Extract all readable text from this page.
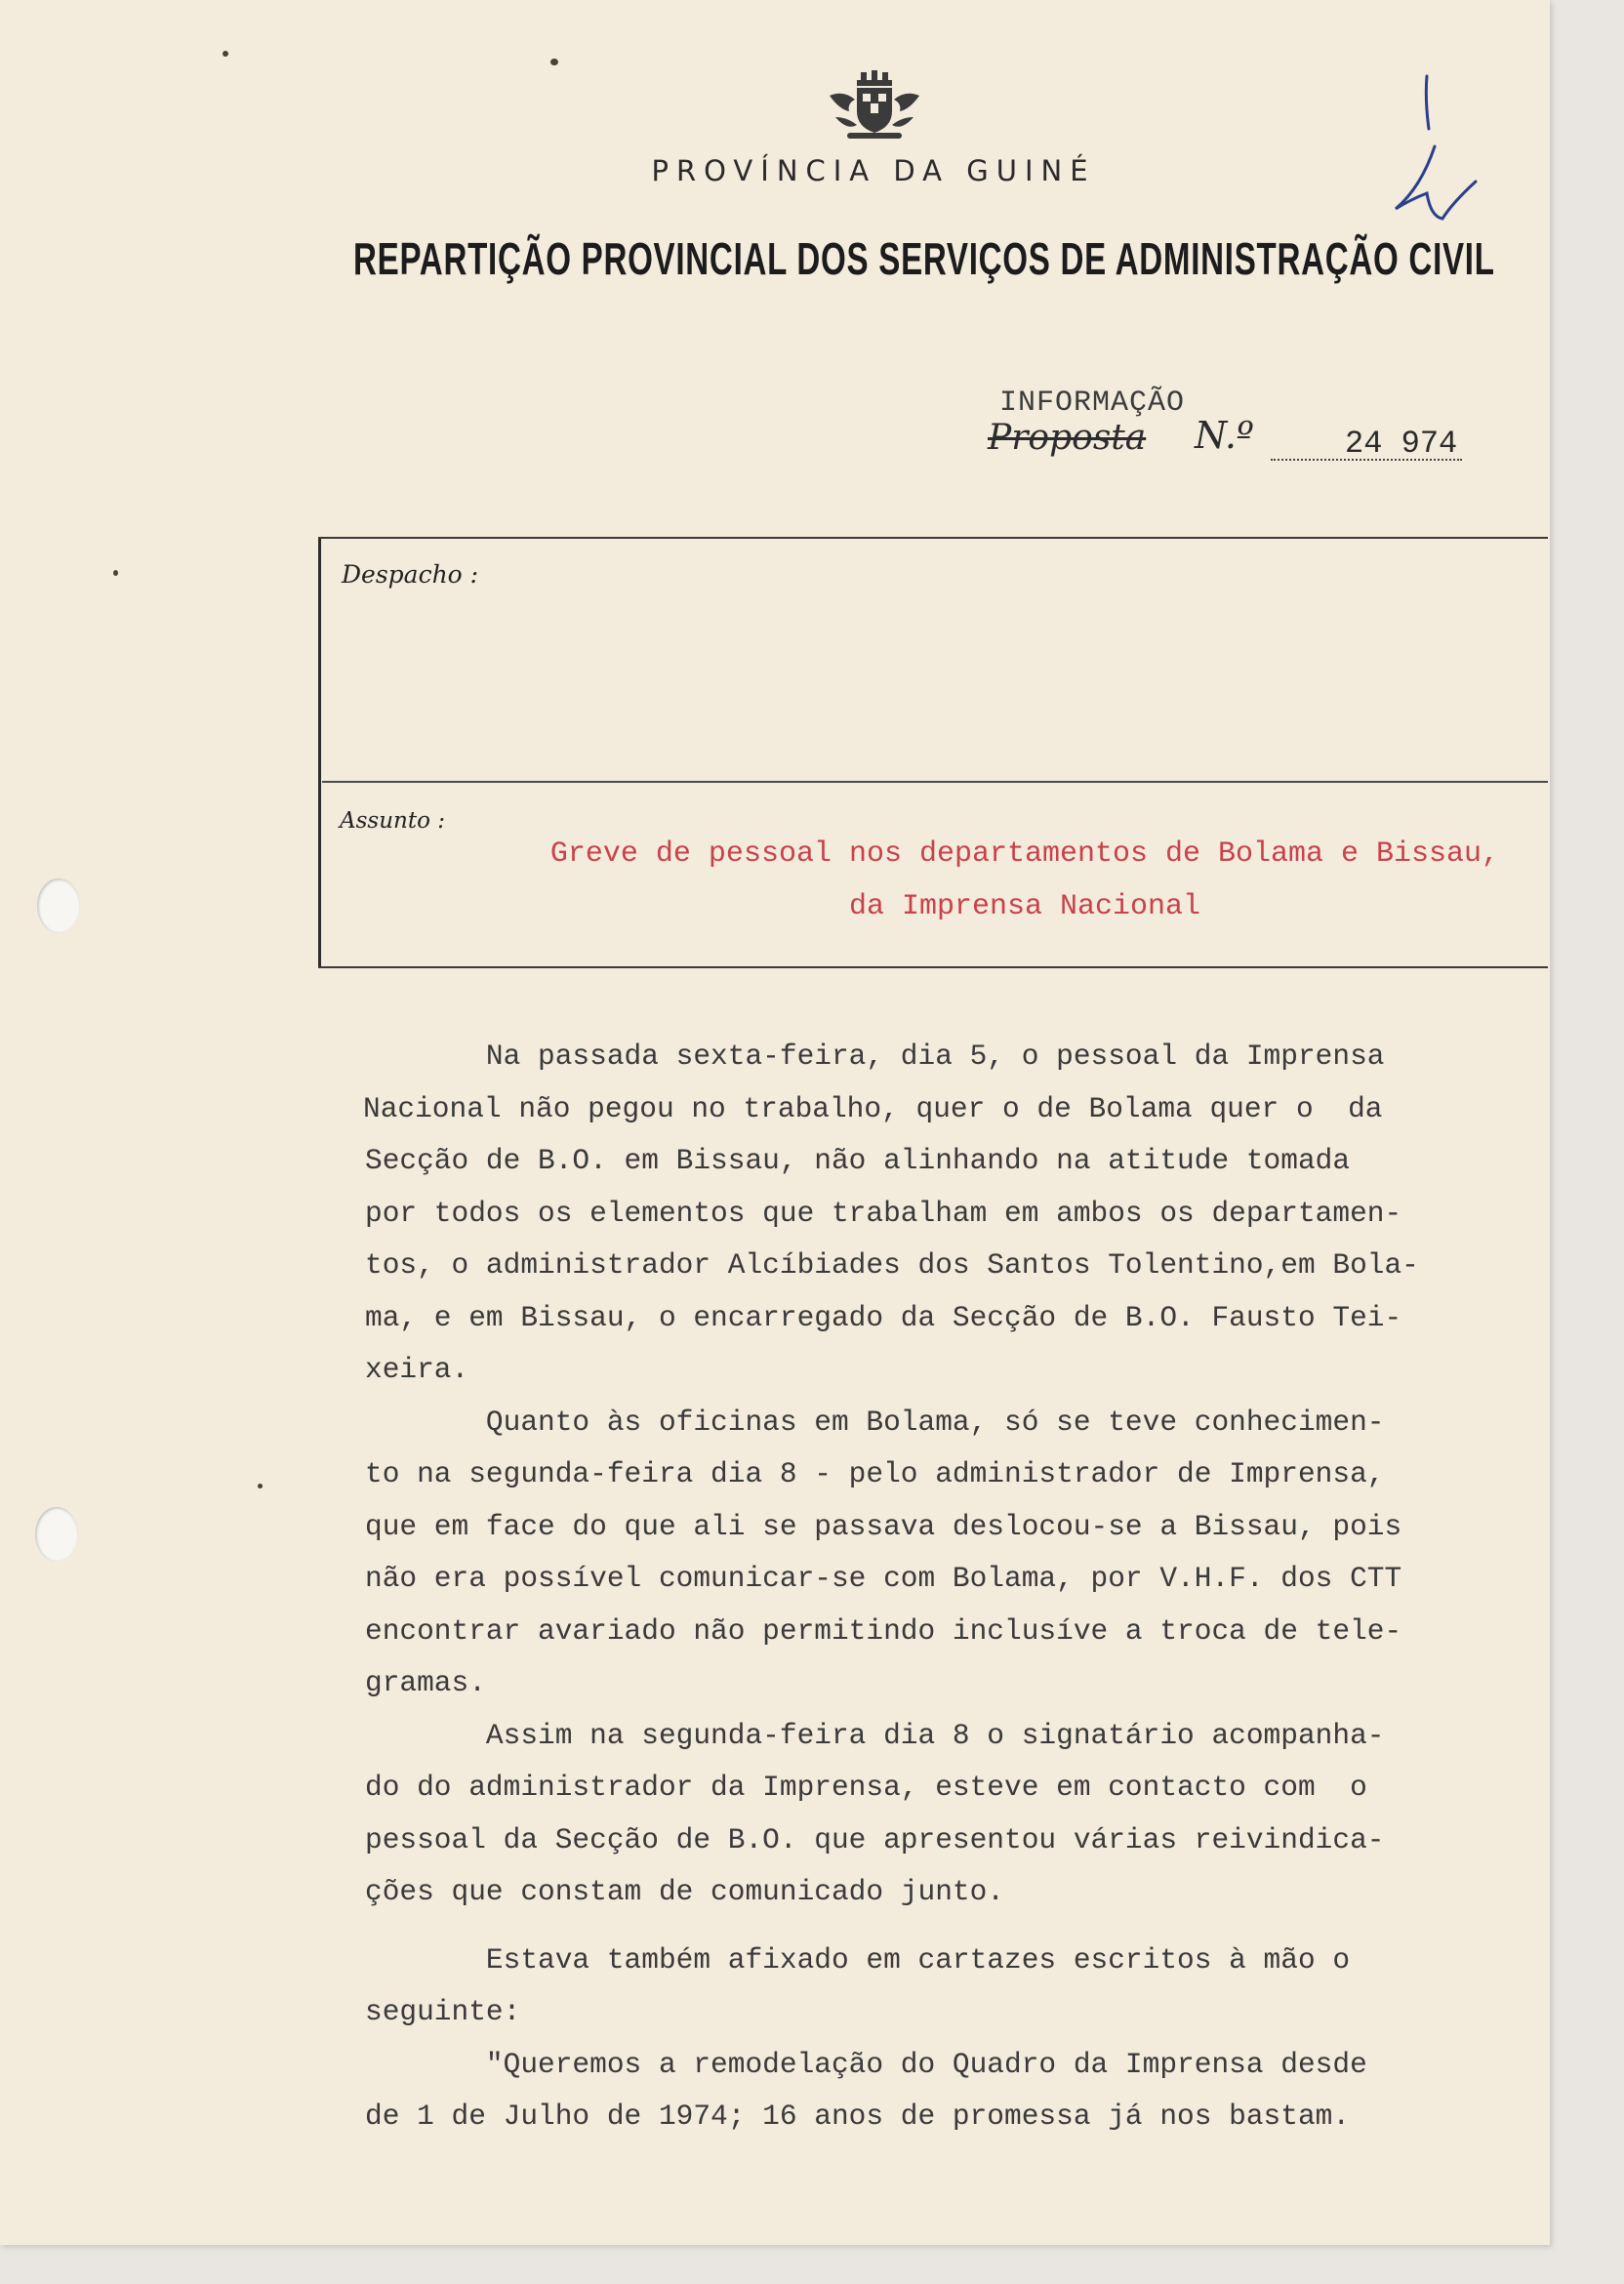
PROVÍNCIA DA GUINÉ
REPARTIÇÃO PROVINCIAL DOS SERVIÇOS DE ADMINISTRAÇÃO CIVIL
INFORMAÇÃO
Proposta N.º	24 974
Despacho :
Assunto :
Greve de pessoal nos departamentos de Bolama e Bissau,
da Imprensa Nacional

Na passada sexta-feira, dia 5, o pessoal da Imprensa

Nacional não pegou no trabalho, quer o de Bolama quer o  da

Secção de B.O. em Bissau, não alinhando na atitude tomada

por todos os elementos que trabalham em ambos os departamen-

tos, o administrador Alcíbiades dos Santos Tolentino,em Bola-

ma, e em Bissau, o encarregado da Secção de B.O. Fausto Tei-

xeira.

Quanto às oficinas em Bolama, só se teve conhecimen-

to na segunda-feira dia 8 - pelo administrador de Imprensa,

que em face do que ali se passava deslocou-se a Bissau, pois

não era possível comunicar-se com Bolama, por V.H.F. dos CTT

encontrar avariado não permitindo inclusíve a troca de tele-

gramas.

Assim na segunda-feira dia 8 o signatário acompanha-

do do administrador da Imprensa, esteve em contacto com  o

pessoal da Secção de B.O. que apresentou várias reivindica-

ções que constam de comunicado junto.

Estava também afixado em cartazes escritos à mão o

seguinte:

"Queremos a remodelação do Quadro da Imprensa desde

de 1 de Julho de 1974; 16 anos de promessa já nos bastam.
